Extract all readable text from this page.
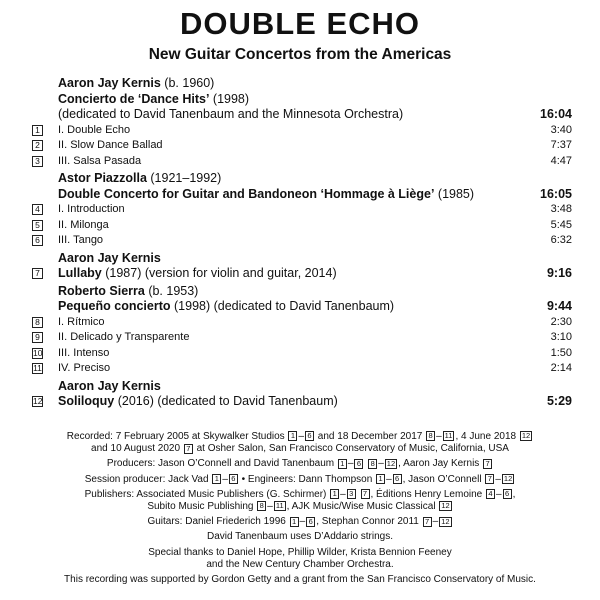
DOUBLE ECHO
New Guitar Concertos from the Americas
Aaron Jay Kernis (b. 1960)
Concierto de ‘Dance Hits’ (1998)
(dedicated to David Tanenbaum and the Minnesota Orchestra)	16:04
1 I. Double Echo	3:40
2 II. Slow Dance Ballad	7:37
3 III. Salsa Pasada	4:47
Astor Piazzolla (1921–1992)
Double Concerto for Guitar and Bandoneon ‘Hommage à Liège’ (1985)	16:05
4 I. Introduction	3:48
5 II. Milonga	5:45
6 III. Tango	6:32
Aaron Jay Kernis
7 Lullaby (1987) (version for violin and guitar, 2014)	9:16
Roberto Sierra (b. 1953)
Pequeño concierto (1998) (dedicated to David Tanenbaum)	9:44
8 I. Rítmico	2:30
9 II. Delicado y Transparente	3:10
10 III. Intenso	1:50
11 IV. Preciso	2:14
Aaron Jay Kernis
12 Soliloquy (2016) (dedicated to David Tanenbaum)	5:29

Recorded: 7 February 2005 at Skywalker Studios 1 – 6 and 18 December 2017 8 – 11 , 4 June 2018 12
and 10 August 2020 7 at Osher Salon, San Francisco Conservatory of Music, California, USA

Producers: Jason O’Connell and David Tanenbaum 1 – 6 8 – 12 , Aaron Jay Kernis 7

Session producer: Jack Vad 1 – 6 • Engineers: Dann Thompson 1 – 6 , Jason O’Connell 7 – 12

Publishers: Associated Music Publishers (G. Schirmer) 1 – 3 7 , Éditions Henry Lemoine 4 – 6 ,
Subito Music Publishing 8 – 11 , AJK Music/Wise Music Classical 12

Guitars: Daniel Friederich 1996 1 – 6 , Stephan Connor 2011 7 – 12

David Tanenbaum uses D’Addario strings.

Special thanks to Daniel Hope, Phillip Wilder, Krista Bennion Feeney
and the New Century Chamber Orchestra.

This recording was supported by Gordon Getty and a grant from the San Francisco Conservatory of Music.
